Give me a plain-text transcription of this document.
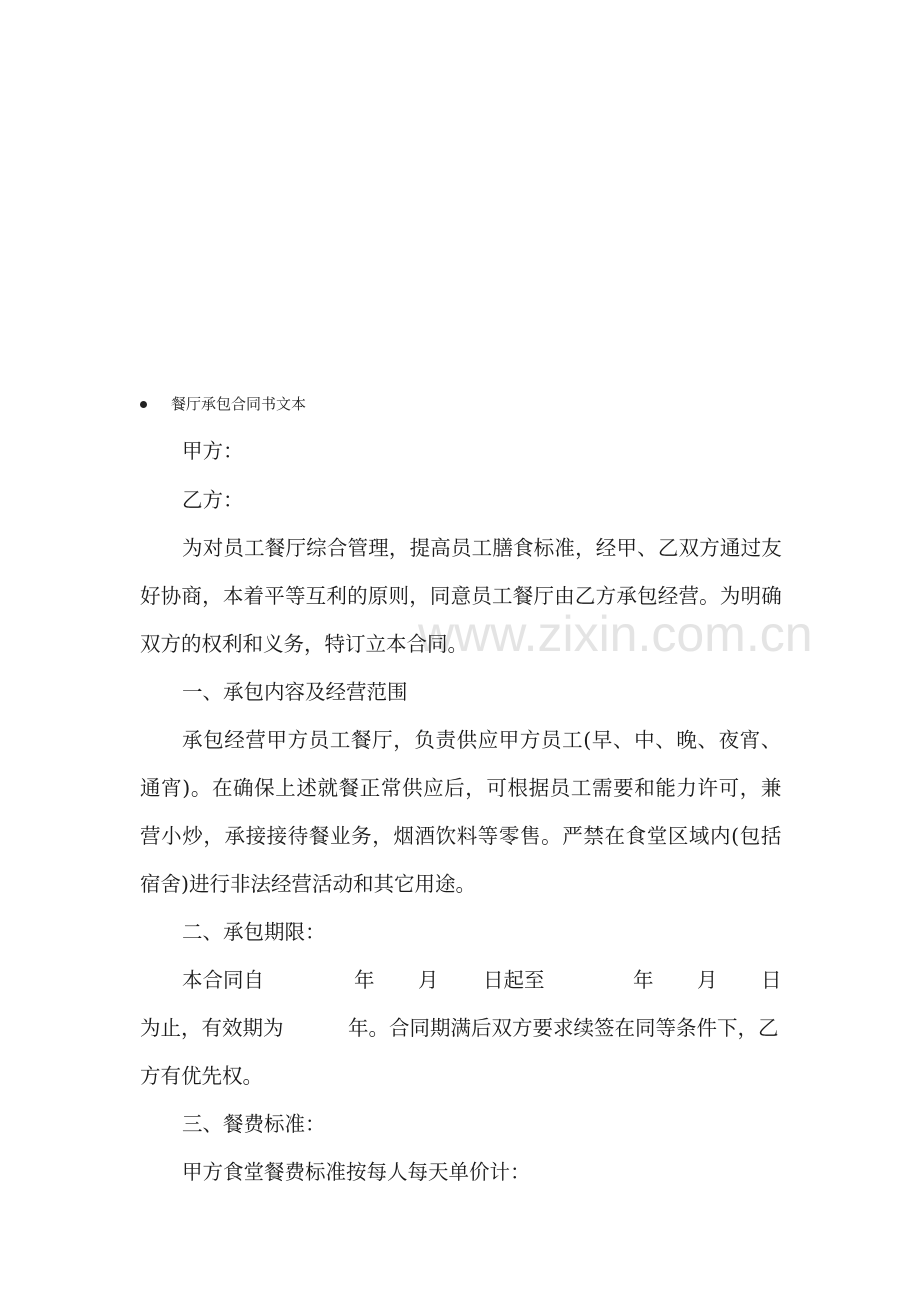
www.zixin.com.cn
餐厅承包合同书文本
甲方：
乙方：
为对员工餐厅综合管理，提高员工膳食标准，经甲、乙双方通过友
好协商，本着平等互利的原则，同意员工餐厅由乙方承包经营。为明确
双方的权利和义务，特订立本合同。
一、承包内容及经营范围
承包经营甲方员工餐厅，负责供应甲方员工(早、中、晚、夜宵、
通宵)。在确保上述就餐正常供应后，可根据员工需要和能力许可，兼
营小炒，承接接待餐业务，烟酒饮料等零售。严禁在食堂区域内(包括
宿舍)进行非法经营活动和其它用途。
二、承包期限：
本合同自	年 月 日起至	年 月 日
为止，有效期为	年。合同期满后双方要求续签在同等条件下，乙
方有优先权。
三、餐费标准：
甲方食堂餐费标准按每人每天单价计：
